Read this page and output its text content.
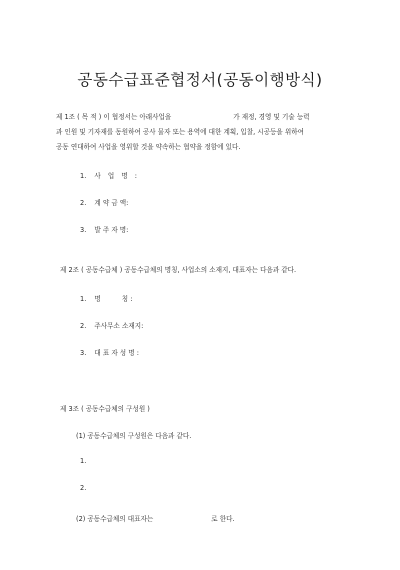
공동수급표준협정서(공동이행방식)
제 1조 ( 목 적 ) 이 협정서는 아래사업을	가 재정, 경영 및 기술 능력
과 인원 및 기자재를 동원하여 공사 물자 또는 용역에 대한 계획, 입찰, 시공등을 위하여
공동 연대하여 사업을 영위할 것을 약속하는 협약을 정함에 있다.
1. 사 업 명 :
2. 계 약 금 액:
3. 발 주 자 명:
제 2조 ( 공동수급체 ) 공동수급체의 명칭, 사업소의 소재지, 대표자는 다음과 같다.
1. 명          칭 :
2. 주사무소 소재지:
3. 대 표 자 성 명 :
제 3조 ( 공동수급체의 구성원 )
(1) 공동수급체의 구성원은 다음과 같다.
1.
2.
(2) 공동수급체의 대표자는	로 한다.
